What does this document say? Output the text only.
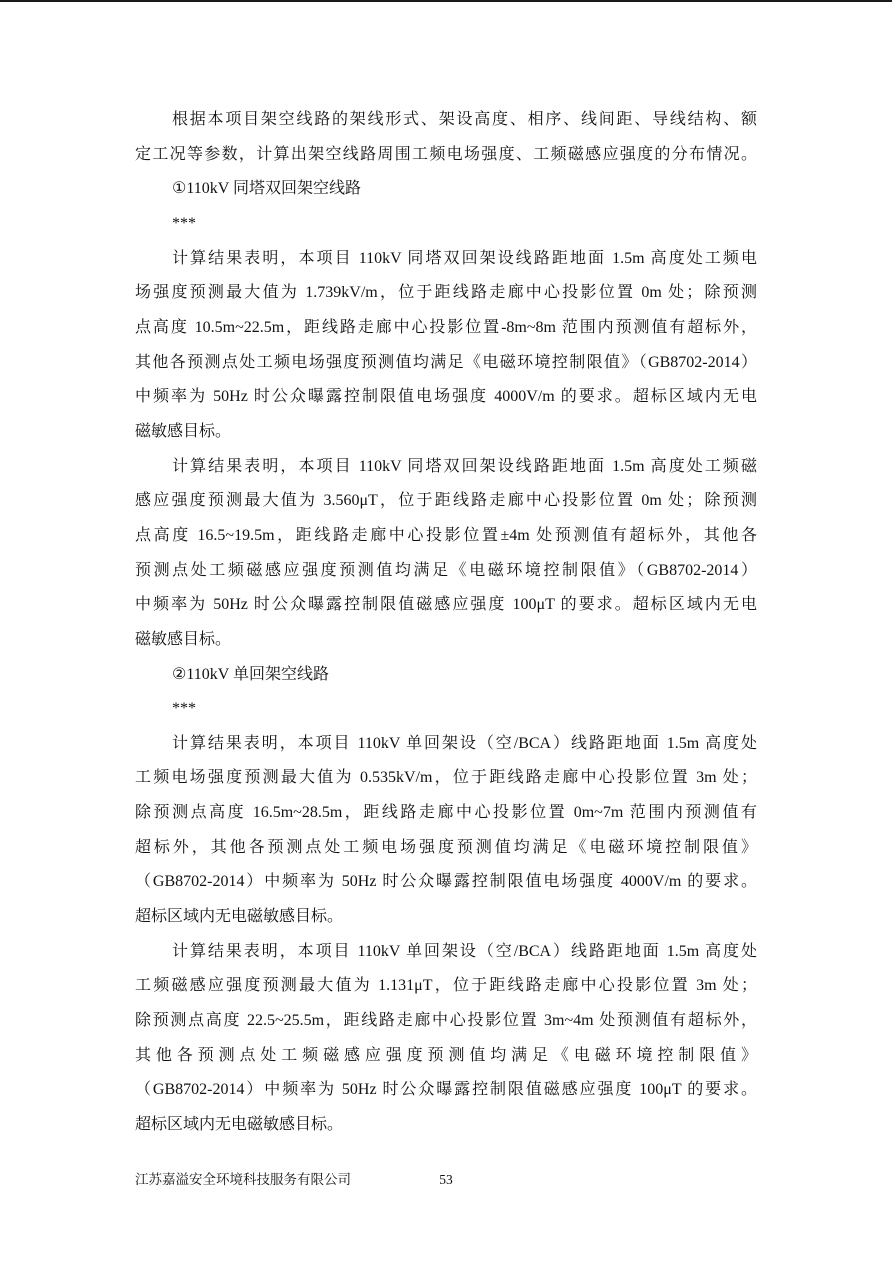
根据本项目架空线路的架线形式、架设高度、相序、线间距、导线结构、额
定工况等参数，计算出架空线路周围工频电场强度、工频磁感应强度的分布情况。
①110kV 同塔双回架空线路
***
计算结果表明，本项目 110kV 同塔双回架设线路距地面 1.5m 高度处工频电
场强度预测最大值为 1.739kV/m，位于距线路走廊中心投影位置 0m 处；除预测
点高度 10.5m~22.5m，距线路走廊中心投影位置-8m~8m 范围内预测值有超标外，
其他各预测点处工频电场强度预测值均满足《电磁环境控制限值》（GB8702-2014）
中频率为 50Hz 时公众曝露控制限值电场强度 4000V/m 的要求。超标区域内无电
磁敏感目标。
计算结果表明，本项目 110kV 同塔双回架设线路距地面 1.5m 高度处工频磁
感应强度预测最大值为 3.560μT，位于距线路走廊中心投影位置 0m 处；除预测
点高度 16.5~19.5m，距线路走廊中心投影位置±4m 处预测值有超标外，其他各
预测点处工频磁感应强度预测值均满足《电磁环境控制限值》（GB8702-2014）
中频率为 50Hz 时公众曝露控制限值磁感应强度 100μT 的要求。超标区域内无电
磁敏感目标。
②110kV 单回架空线路
***
计算结果表明，本项目 110kV 单回架设（空/BCA）线路距地面 1.5m 高度处
工频电场强度预测最大值为 0.535kV/m，位于距线路走廊中心投影位置 3m 处；
除预测点高度 16.5m~28.5m，距线路走廊中心投影位置 0m~7m 范围内预测值有
超标外，其他各预测点处工频电场强度预测值均满足《电磁环境控制限值》
（GB8702-2014）中频率为 50Hz 时公众曝露控制限值电场强度 4000V/m 的要求。
超标区域内无电磁敏感目标。
计算结果表明，本项目 110kV 单回架设（空/BCA）线路距地面 1.5m 高度处
工频磁感应强度预测最大值为 1.131μT，位于距线路走廊中心投影位置 3m 处；
除预测点高度 22.5~25.5m，距线路走廊中心投影位置 3m~4m 处预测值有超标外，
其他各预测点处工频磁感应强度预测值均满足《电磁环境控制限值》
（GB8702-2014）中频率为 50Hz 时公众曝露控制限值磁感应强度 100μT 的要求。
超标区域内无电磁敏感目标。
江苏嘉溢安全环境科技服务有限公司	53
